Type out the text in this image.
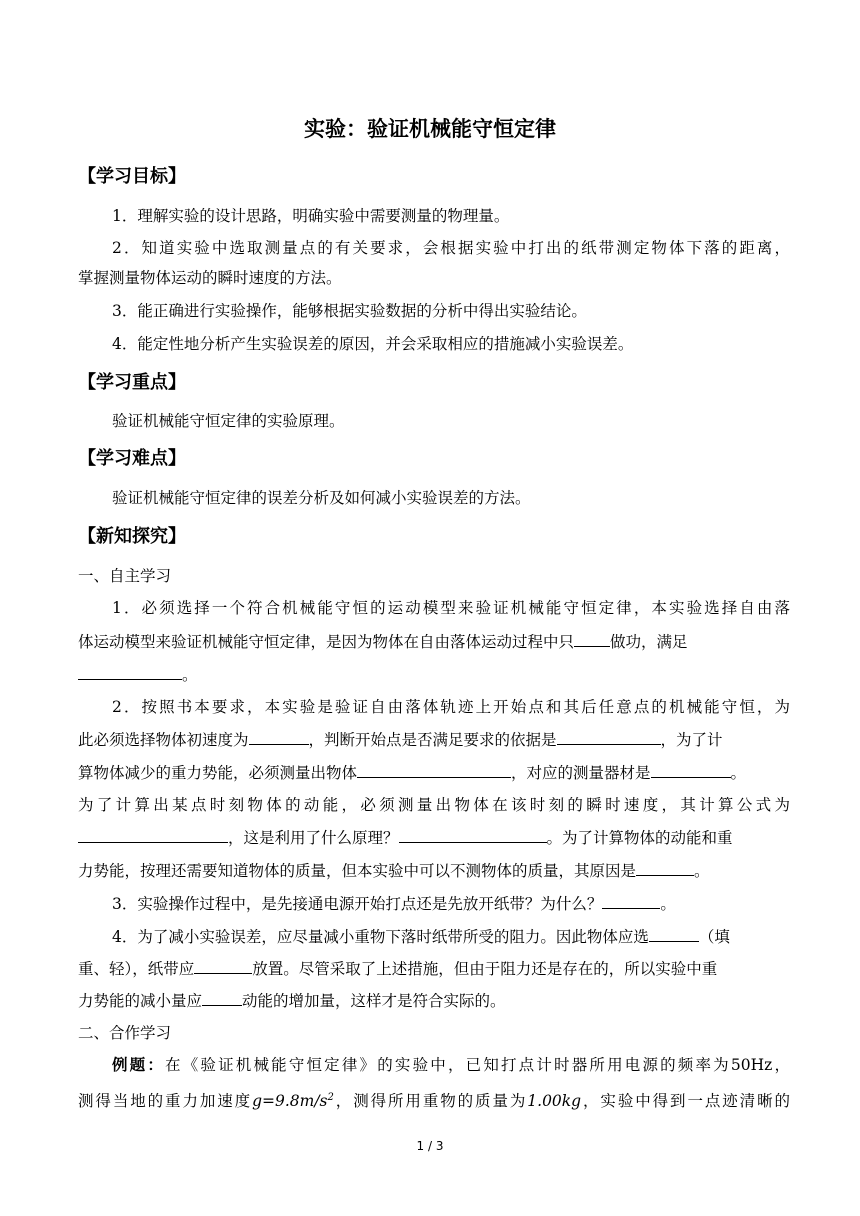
实验：验证机械能守恒定律
【学习目标】
1．理解实验的设计思路，明确实验中需要测量的物理量。
2．知道实验中选取测量点的有关要求，会根据实验中打出的纸带测定物体下落的距离，
掌握测量物体运动的瞬时速度的方法。
3．能正确进行实验操作，能够根据实验数据的分析中得出实验结论。
4．能定性地分析产生实验误差的原因，并会采取相应的措施减小实验误差。
【学习重点】
验证机械能守恒定律的实验原理。
【学习难点】
验证机械能守恒定律的误差分析及如何减小实验误差的方法。
【新知探究】
一、自主学习
1．必须选择一个符合机械能守恒的运动模型来验证机械能守恒定律，本实验选择自由落
体运动模型来验证机械能守恒定律，是因为物体在自由落体运动过程中只 做功，满足
。
2．按照书本要求，本实验是验证自由落体轨迹上开始点和其后任意点的机械能守恒，为
此必须选择物体初速度为	，判断开始点是否满足要求的依据是	，为了计
算物体减少的重力势能，必须测量出物体	，对应的测量器材是	。
为了计算出某点时刻物体的动能，必须测量出物体在该时刻的瞬时速度，其计算公式为
，这是利用了什么原理？	。为了计算物体的动能和重
力势能，按理还需要知道物体的质量，但本实验中可以不测物体的质量，其原因是	。
3．实验操作过程中，是先接通电源开始打点还是先放开纸带？为什么？	。
4．为了减小实验误差，应尽量减小重物下落时纸带所受的阻力。因此物体应选	（填
重、轻），纸带应	放置。尽管采取了上述措施，但由于阻力还是存在的，所以实验中重
力势能的减小量应	动能的增加量，这样才是符合实际的。
二、合作学习
例题：在《验证机械能守恒定律》的实验中，已知打点计时器所用电源的频率为50Hz，
测得当地的重力加速度$g=9.8m/s^2$，测得所用重物的质量为1.00kg，实验中得到一点迹清晰的
1 / 3
